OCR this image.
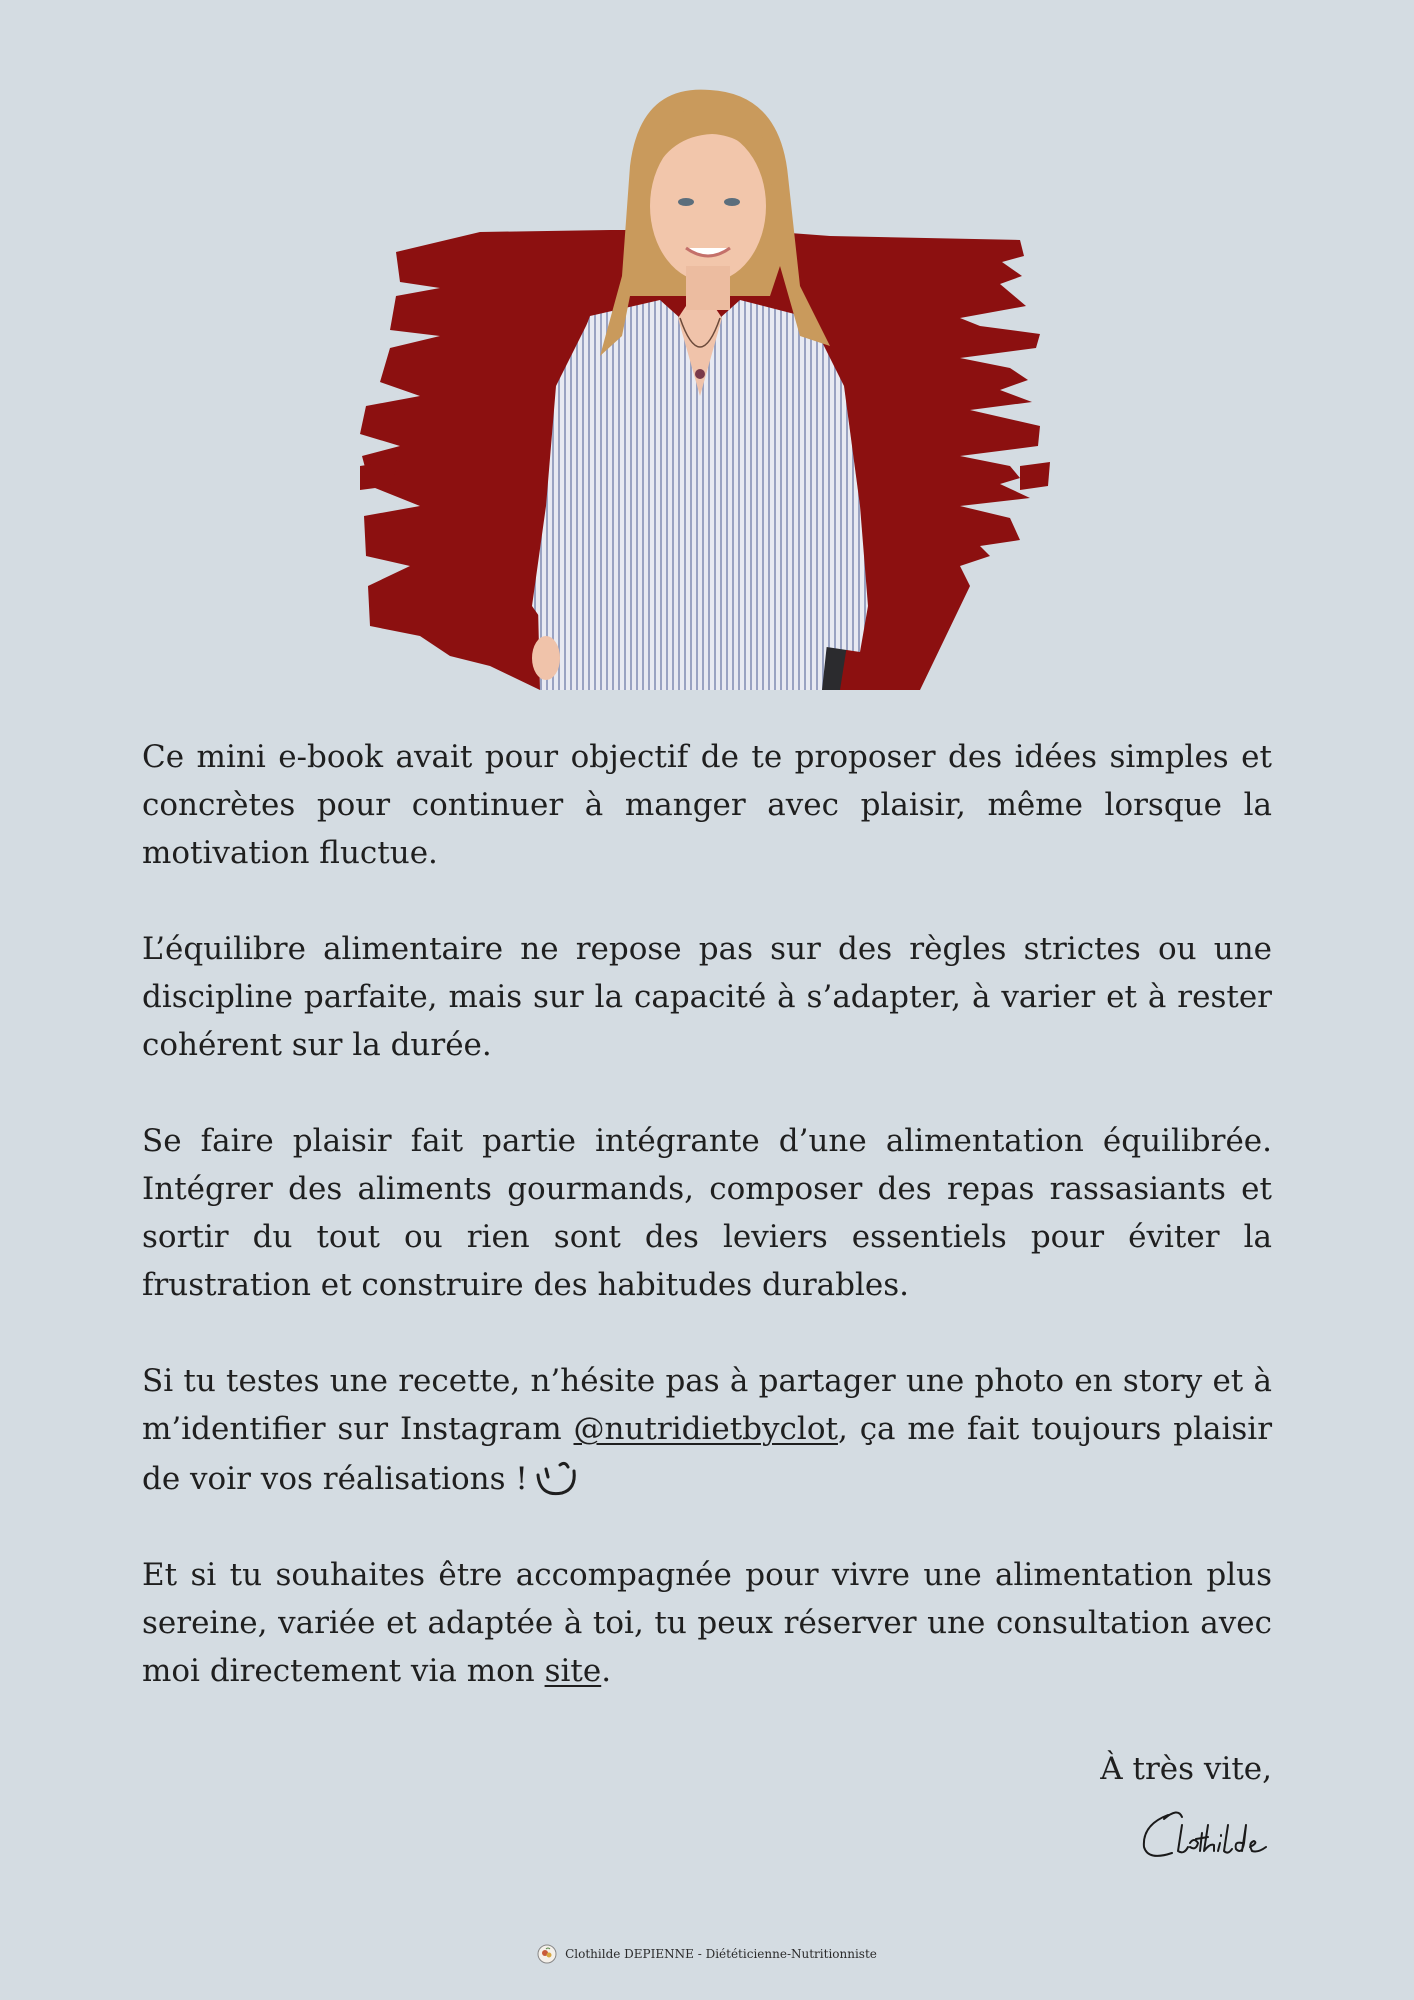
Ce mini e-book avait pour objectif de te proposer des idées simples et concrètes pour continuer à manger avec plaisir, même lorsque la motivation fluctue.

L’équilibre alimentaire ne repose pas sur des règles strictes ou une discipline parfaite, mais sur la capacité à s’adapter, à varier et à rester cohérent sur la durée.

Se faire plaisir fait partie intégrante d’une alimentation équilibrée. Intégrer des aliments gourmands, composer des repas rassasiants et sortir du tout ou rien sont des leviers essentiels pour éviter la frustration et construire des habitudes durables.

Si tu testes une recette, n’hésite pas à partager une photo en story et à m’identifier sur Instagram @nutridietbyclot, ça me fait toujours plaisir de voir vos réalisations !

Et si tu souhaites être accompagnée pour vivre une alimentation plus sereine, variée et adaptée à toi, tu peux réserver une consultation avec moi directement via mon site.

À très vite,
Clothilde DEPIENNE - Diététicienne-Nutritionniste
